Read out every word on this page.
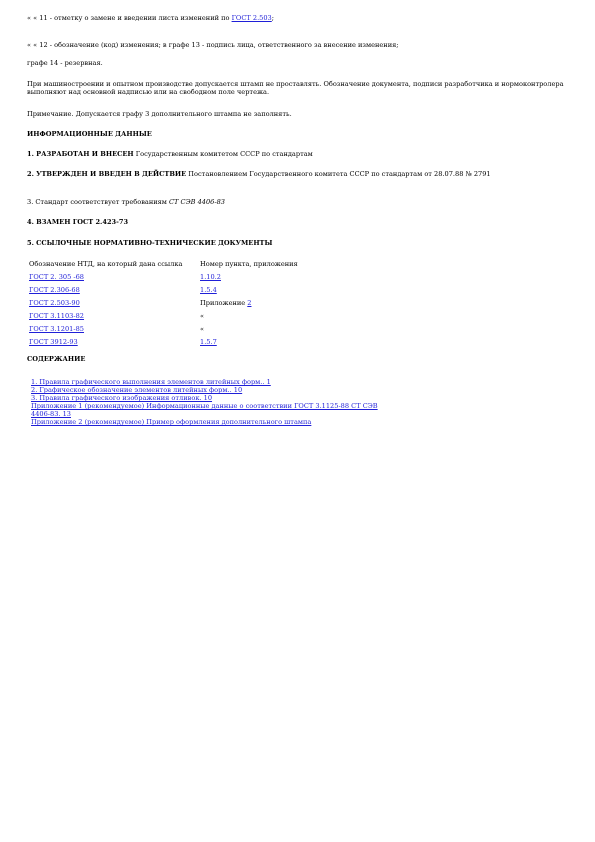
« « 11 - отметку о замене и введении листа изменений по ГОСТ 2.503;

« « 12 - обозначение (код) изменения; в графе 13 - подпись лица, ответственного за внесение изменения;

графе 14 - резервная.

При машиностроении и опытном производстве допускается штамп не проставлять. Обозначение документа, подписи разработчика и нормоконтролера выполняют над основной надписью или на свободном поле чертежа.

Примечание. Допускается графу 3 дополнительного штампа не заполнять.

ИНФОРМАЦИОННЫЕ ДАННЫЕ

1. РАЗРАБОТАН И ВНЕСЕН Государственным комитетом СССР по стандартам

2. УТВЕРЖДЕН И ВВЕДЕН В ДЕЙСТВИЕ Постановлением Государственного комитета СССР по стандартам от 28.07.88 № 2791

3. Стандарт соответствует требованиям СТ СЭВ 4406-83

4. ВЗАМЕН ГОСТ 2.423-73

5. ССЫЛОЧНЫЕ НОРМАТИВНО-ТЕХНИЧЕСКИЕ ДОКУМЕНТЫ

Обозначение НТД, на который дана ссылка	Номер пункта, приложения
ГОСТ 2. 305 -68	1.10.2
ГОСТ 2.306-68	1.5.4
ГОСТ 2.503-90	Приложение 2
ГОСТ 3.1103-82	«
ГОСТ 3.1201-85	«
ГОСТ 3912-93	1.5.7

СОДЕРЖАНИЕ

1. Правила графического выполнения элементов литейных форм.. 1
2. Графическое обозначение элементов литейных форм.. 10
3. Правила графического изображения отливок. 10
Приложение 1 (рекомендуемое) Информационные данные о соответствии ГОСТ 3.1125-88 СТ СЭВ
4406-83. 13
Приложение 2 (рекомендуемое) Пример оформления дополнительного штампа
